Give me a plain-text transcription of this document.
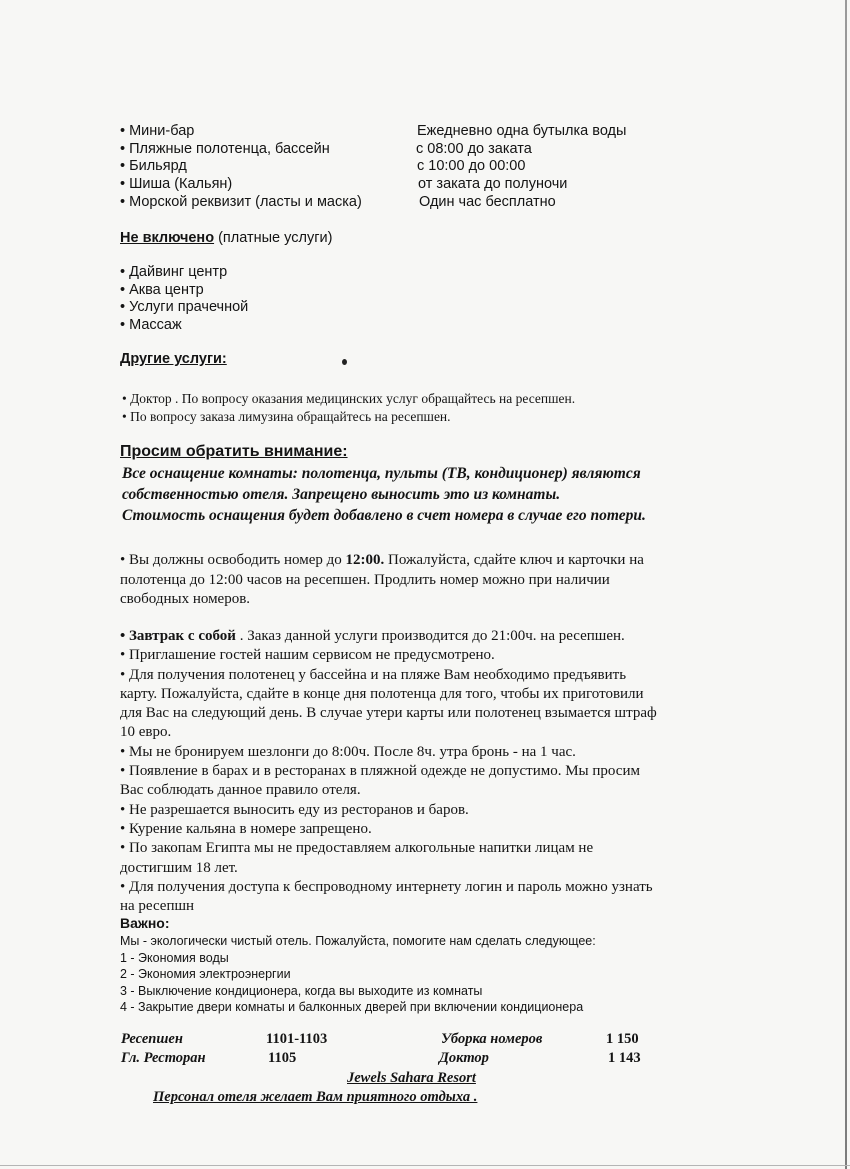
• Мини-бар	Ежедневно одна бутылка воды
• Пляжные полотенца, бассейн	с 08:00 до заката
• Бильярд	с 10:00 до 00:00
• Шиша (Кальян)	от заката до полуночи
• Морской реквизит (ласты и маска)	Один час бесплатно
Не включено (платные услуги)
• Дайвинг центр
• Аква центр
• Услуги прачечной
• Массаж
Другие услуги:
• Доктор . По вопросу оказания медицинских услуг обращайтесь на ресепшен.
• По вопросу заказа лимузина обращайтесь на ресепшен.
Просим обратить внимание:
Все оснащение комнаты: полотенца, пульты (ТВ, кондиционер) являются
собственностью отеля. Запрещено выносить это из комнаты.
Стоимость оснащения будет добавлено в счет номера в случае его потери.
• Вы должны освободить номер до 12:00. Пожалуйста, сдайте ключ и карточки на
полотенца до 12:00 часов на ресепшен. Продлить номер можно при наличии
свободных номеров.
• Завтрак с собой . Заказ данной услуги производится до 21:00ч. на ресепшен.
• Приглашение гостей нашим сервисом не предусмотрено.
• Для получения полотенец у бассейна и на пляже Вам необходимо предъявить
карту. Пожалуйста, сдайте в конце дня полотенца для того, чтобы их приготовили
для Вас на следующий день. В случае утери карты или полотенец взымается штраф
10 евро.
• Мы не бронируем шезлонги до 8:00ч. После 8ч. утра бронь - на 1 час.
• Появление в барах и в ресторанах в пляжной одежде не допустимо. Мы просим
Вас соблюдать данное правило отеля.
• Не разрешается выносить еду из ресторанов и баров.
• Курение кальяна в номере запрещено.
• По закопам Египта мы не предоставляем алкогольные напитки лицам не
достигшим 18 лет.
• Для получения доступа к беспроводному интернету логин и пароль можно узнать
на ресепшн
Важно:
Мы - экологически чистый отель. Пожалуйста, помогите нам сделать следующее:
1 - Экономия воды
2 - Экономия электроэнергии
3 - Выключение кондиционера, когда вы выходите из комнаты
4 - Закрытие двери комнаты и балконных дверей при включении кондиционера
Ресепшен	1101-1103	Уборка номеров	1 150
Гл. Ресторан	1105	Доктор	1 143
Jewels Sahara Resort
Персонал отеля желает Вам приятного отдыха .
